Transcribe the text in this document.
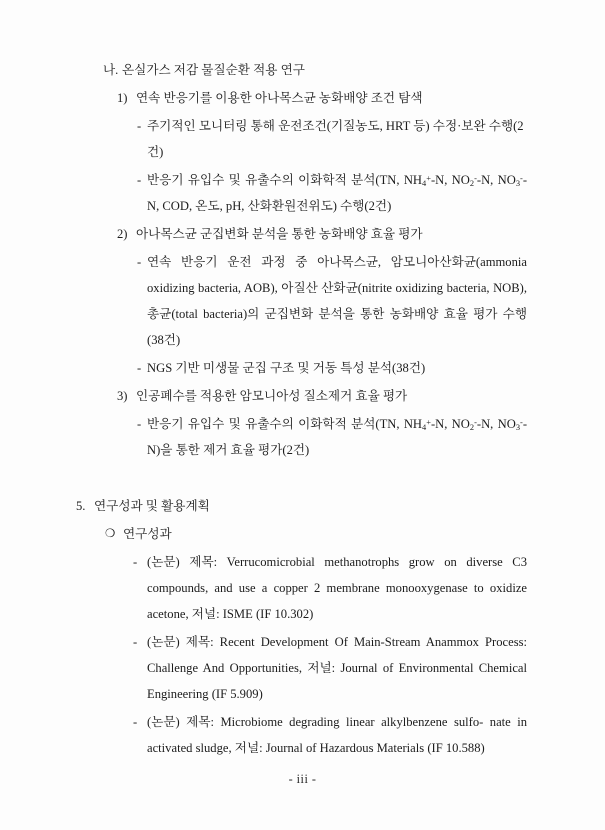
나. 온실가스 저감 물질순환 적용 연구
1) 연속 반응기를 이용한 아나목스균 농화배양 조건 탐색
- 주기적인 모니터링 통해 운전조건(기질농도, HRT 등) 수정·보완 수행(2건)
- 반응기 유입수 및 유출수의 이화학적 분석(TN, $NH_4^+-N$, $NO_2^--N$, $NO_3^--N$, COD, 온도, pH, 산화환원전위도) 수행(2건)
2) 아나목스균 군집변화 분석을 통한 농화배양 효율 평가
- 연속 반응기 운전 과정 중 아나목스균, 암모니아산화균(ammonia oxidizing bacteria, AOB), 아질산 산화균(nitrite oxidizing bacteria, NOB), 총균(total bacteria)의 군집변화 분석을 통한 농화배양 효율 평가 수행(38건)
- NGS 기반 미생물 군집 구조 및 거동 특성 분석(38건)
3) 인공폐수를 적용한 암모니아성 질소제거 효율 평가
- 반응기 유입수 및 유출수의 이화학적 분석(TN, $NH_4^+-N$, $NO_2^--N$, $NO_3^--N$)을 통한 제거 효율 평가(2건)
5. 연구성과 및 활용계획
❍ 연구성과
- (논문) 제목: Verrucomicrobial methanotrophs grow on diverse C3 compounds, and use a copper 2 membrane monooxygenase to oxidize acetone, 저널: ISME (IF 10.302)
- (논문) 제목: Recent Development Of Main-Stream Anammox Process: Challenge And Opportunities, 저널: Journal of Environmental Chemical Engineering (IF 5.909)
- (논문) 제목: Microbiome degrading linear alkylbenzene sulfo- nate in activated sludge, 저널: Journal of Hazardous Materials (IF 10.588)
- iii -
